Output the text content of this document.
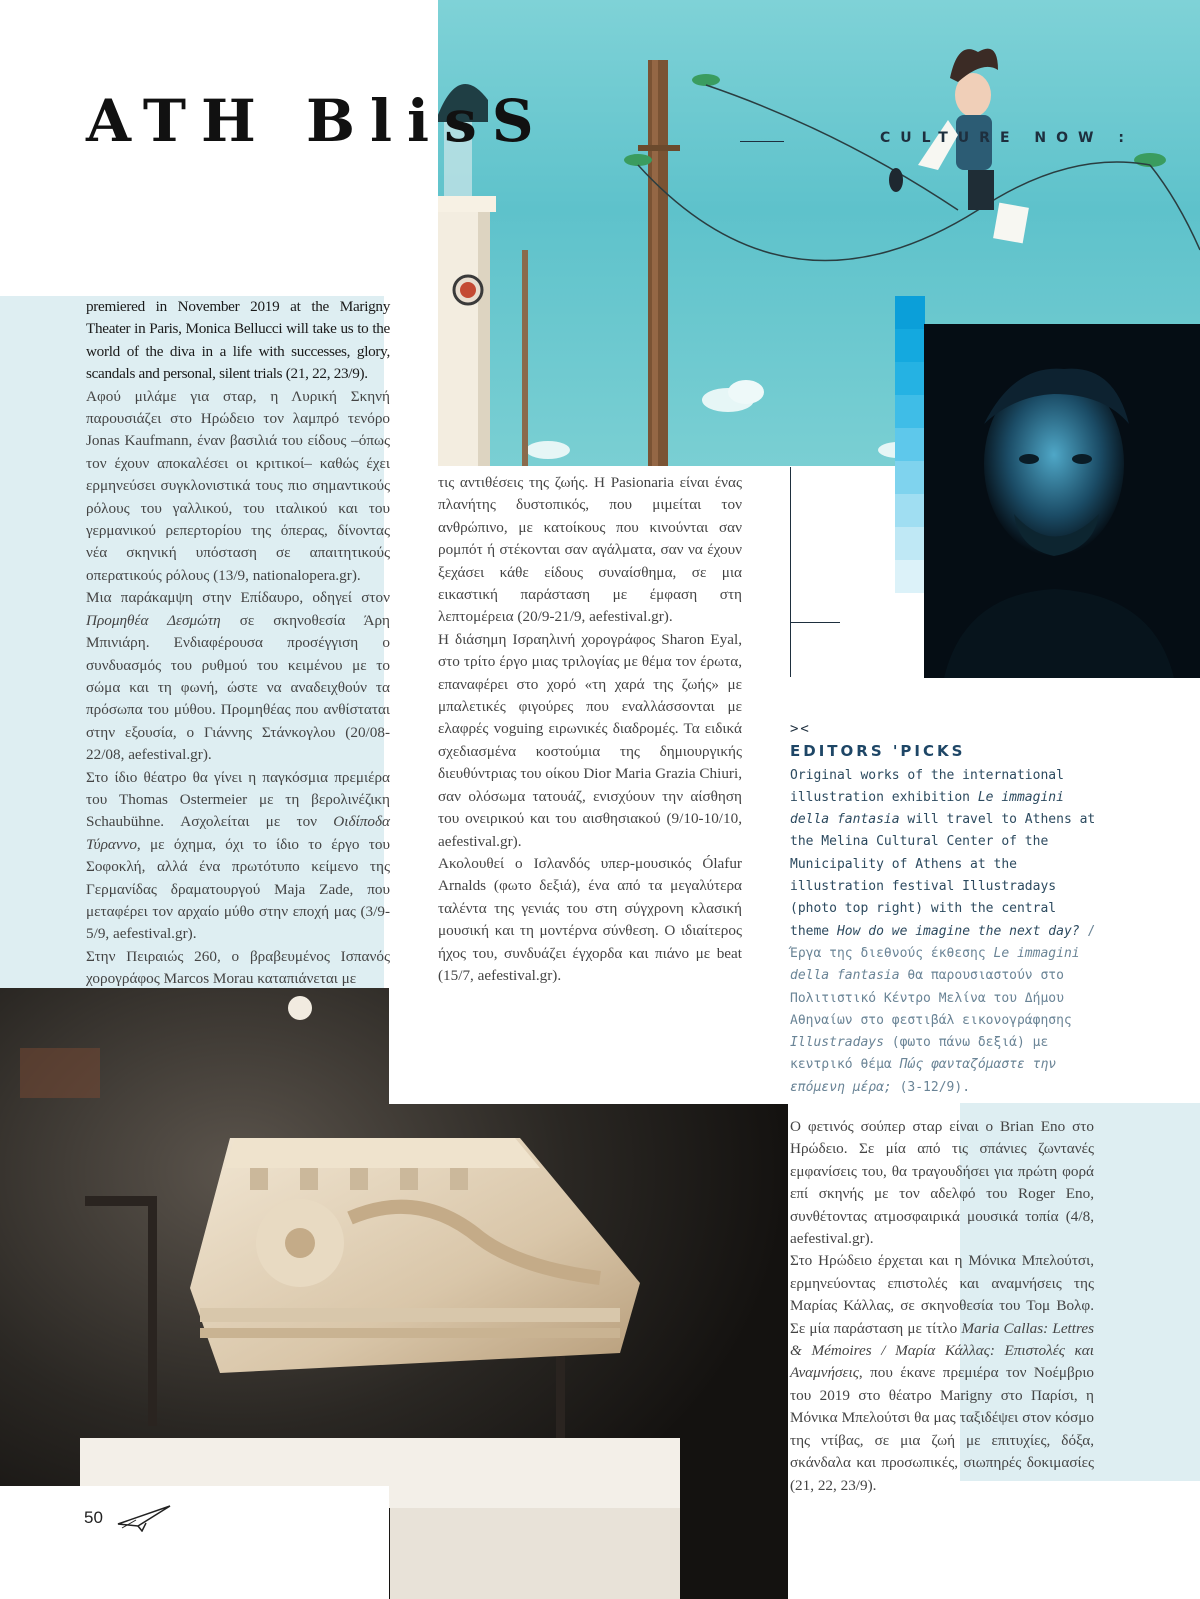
ATH BlisS	CULTURE NOW :

premiered in November 2019 at the Marigny Theater in Paris, Monica Bellucci will take us to the world of the diva in a life with successes, glory, scandals and personal, silent trials (21, 22, 23/9).

Αφού μιλάμε για σταρ, η Λυρική Σκηνή παρουσιάζει στο Ηρώδειο τον λαμπρό τενόρο Jonas Kaufmann, έναν βασιλιά του είδους –όπως τον έχουν αποκαλέσει οι κριτικοί– καθώς έχει ερμηνεύσει συγκλονιστικά τους πιο σημαντικούς ρόλους του γαλλικού, του ιταλικού και του γερμανικού ρεπερτορίου της όπερας, δίνοντας νέα σκηνική υπόσταση σε απαιτητικούς οπερατικούς ρόλους (13/9, nationalopera.gr).

Μια παράκαμψη στην Επίδαυρο, οδηγεί στον Προμηθέα Δεσμώτη σε σκηνοθεσία Άρη Μπινιάρη. Ενδιαφέρουσα προσέγγιση ο συνδυασμός του ρυθμού του κειμένου με το σώμα και τη φωνή, ώστε να αναδειχθούν τα πρόσωπα του μύθου. Προμηθέας που ανθίσταται στην εξουσία, ο Γιάννης Στάνκογλου (20/08-22/08, aefestival.gr).

Στο ίδιο θέατρο θα γίνει η παγκόσμια πρεμιέρα του Thomas Ostermeier με τη βερολινέζικη Schaubühne. Ασχολείται με τον Οιδίποδα Τύραννο, με όχημα, όχι το ίδιο το έργο του Σοφοκλή, αλλά ένα πρωτότυπο κείμενο της Γερμανίδας δραματουργού Maja Zade, που μεταφέρει τον αρχαίο μύθο στην εποχή μας (3/9-5/9, aefestival.gr).

Στην Πειραιώς 260, ο βραβευμένος Ισπανός χορογράφος Marcos Morau καταπιάνεται με

τις αντιθέσεις της ζωής. Η Pasionaria είναι ένας πλανήτης δυστοπικός, που μιμείται τον ανθρώπινο, με κατοίκους που κινούνται σαν ρομπότ ή στέκονται σαν αγάλματα, σαν να έχουν ξεχάσει κάθε είδους συναίσθημα, σε μια εικαστική παράσταση με έμφαση στη λεπτομέρεια (20/9-21/9, aefestival.gr).

Η διάσημη Ισραηλινή χορογράφος Sharon Eyal, στο τρίτο έργο μιας τριλογίας με θέμα τον έρωτα, επαναφέρει στο χορό «τη χαρά της ζωής» με μπαλετικές φιγούρες που εναλλάσσονται με ελαφρές voguing ειρωνικές διαδρομές. Τα ειδικά σχεδιασμένα κοστούμια της δημιουργικής διευθύντριας του οίκου Dior Maria Grazia Chiuri, σαν ολόσωμα τατουάζ, ενισχύουν την αίσθηση του ονειρικού και του αισθησιακού (9/10-10/10, aefestival.gr).

Ακολουθεί ο Ισλανδός υπερ-μουσικός Ólafur Arnalds (φωτο δεξιά), ένα από τα μεγαλύτερα ταλέντα της γενιάς του στη σύγχρονη κλασική μουσική και τη μοντέρνα σύνθεση. Ο ιδιαίτερος ήχος του, συνδυάζει έγχορδα και πιάνο με beat (15/7, aefestival.gr).

><
EDITORS 'PICKS
Original works of the international illustration exhibition Le immagini della fantasia will travel to Athens at the Melina Cultural Center of the Municipality of Athens at the illustration festival Illustradays (photo top right) with the central theme How do we imagine the next day? / Έργα της διεθνούς έκθεσης Le immagini della fantasia θα παρουσιαστούν στο Πολιτιστικό Κέντρο Μελίνα του Δήμου Αθηναίων στο φεστιβάλ εικονογράφησης Illustradays (φωτο πάνω δεξιά) με κεντρικό θέμα Πώς φανταζόμαστε την επόμενη μέρα; (3-12/9).

Ο φετινός σούπερ σταρ είναι ο Brian Eno στο Ηρώδειο. Σε μία από τις σπάνιες ζωντανές εμφανίσεις του, θα τραγουδήσει για πρώτη φορά επί σκηνής με τον αδελφό του Roger Eno, συνθέτοντας ατμοσφαιρικά μουσικά τοπία (4/8, aefestival.gr).

Στο Ηρώδειο έρχεται και η Μόνικα Μπελούτσι, ερμηνεύοντας επιστολές και αναμνήσεις της Μαρίας Κάλλας, σε σκηνοθεσία του Τομ Βολφ. Σε μία παράσταση με τίτλο Maria Callas: Lettres & Mémoires / Μαρία Κάλλας: Επιστολές και Αναμνήσεις, που έκανε πρεμιέρα τον Νοέμβριο του 2019 στο θέατρο Marigny στο Παρίσι, η Μόνικα Μπελούτσι θα μας ταξιδέψει στον κόσμο της ντίβας, σε μια ζωή με επιτυχίες, δόξα, σκάνδαλα και προσωπικές, σιωπηρές δοκιμασίες (21, 22, 23/9).

50
